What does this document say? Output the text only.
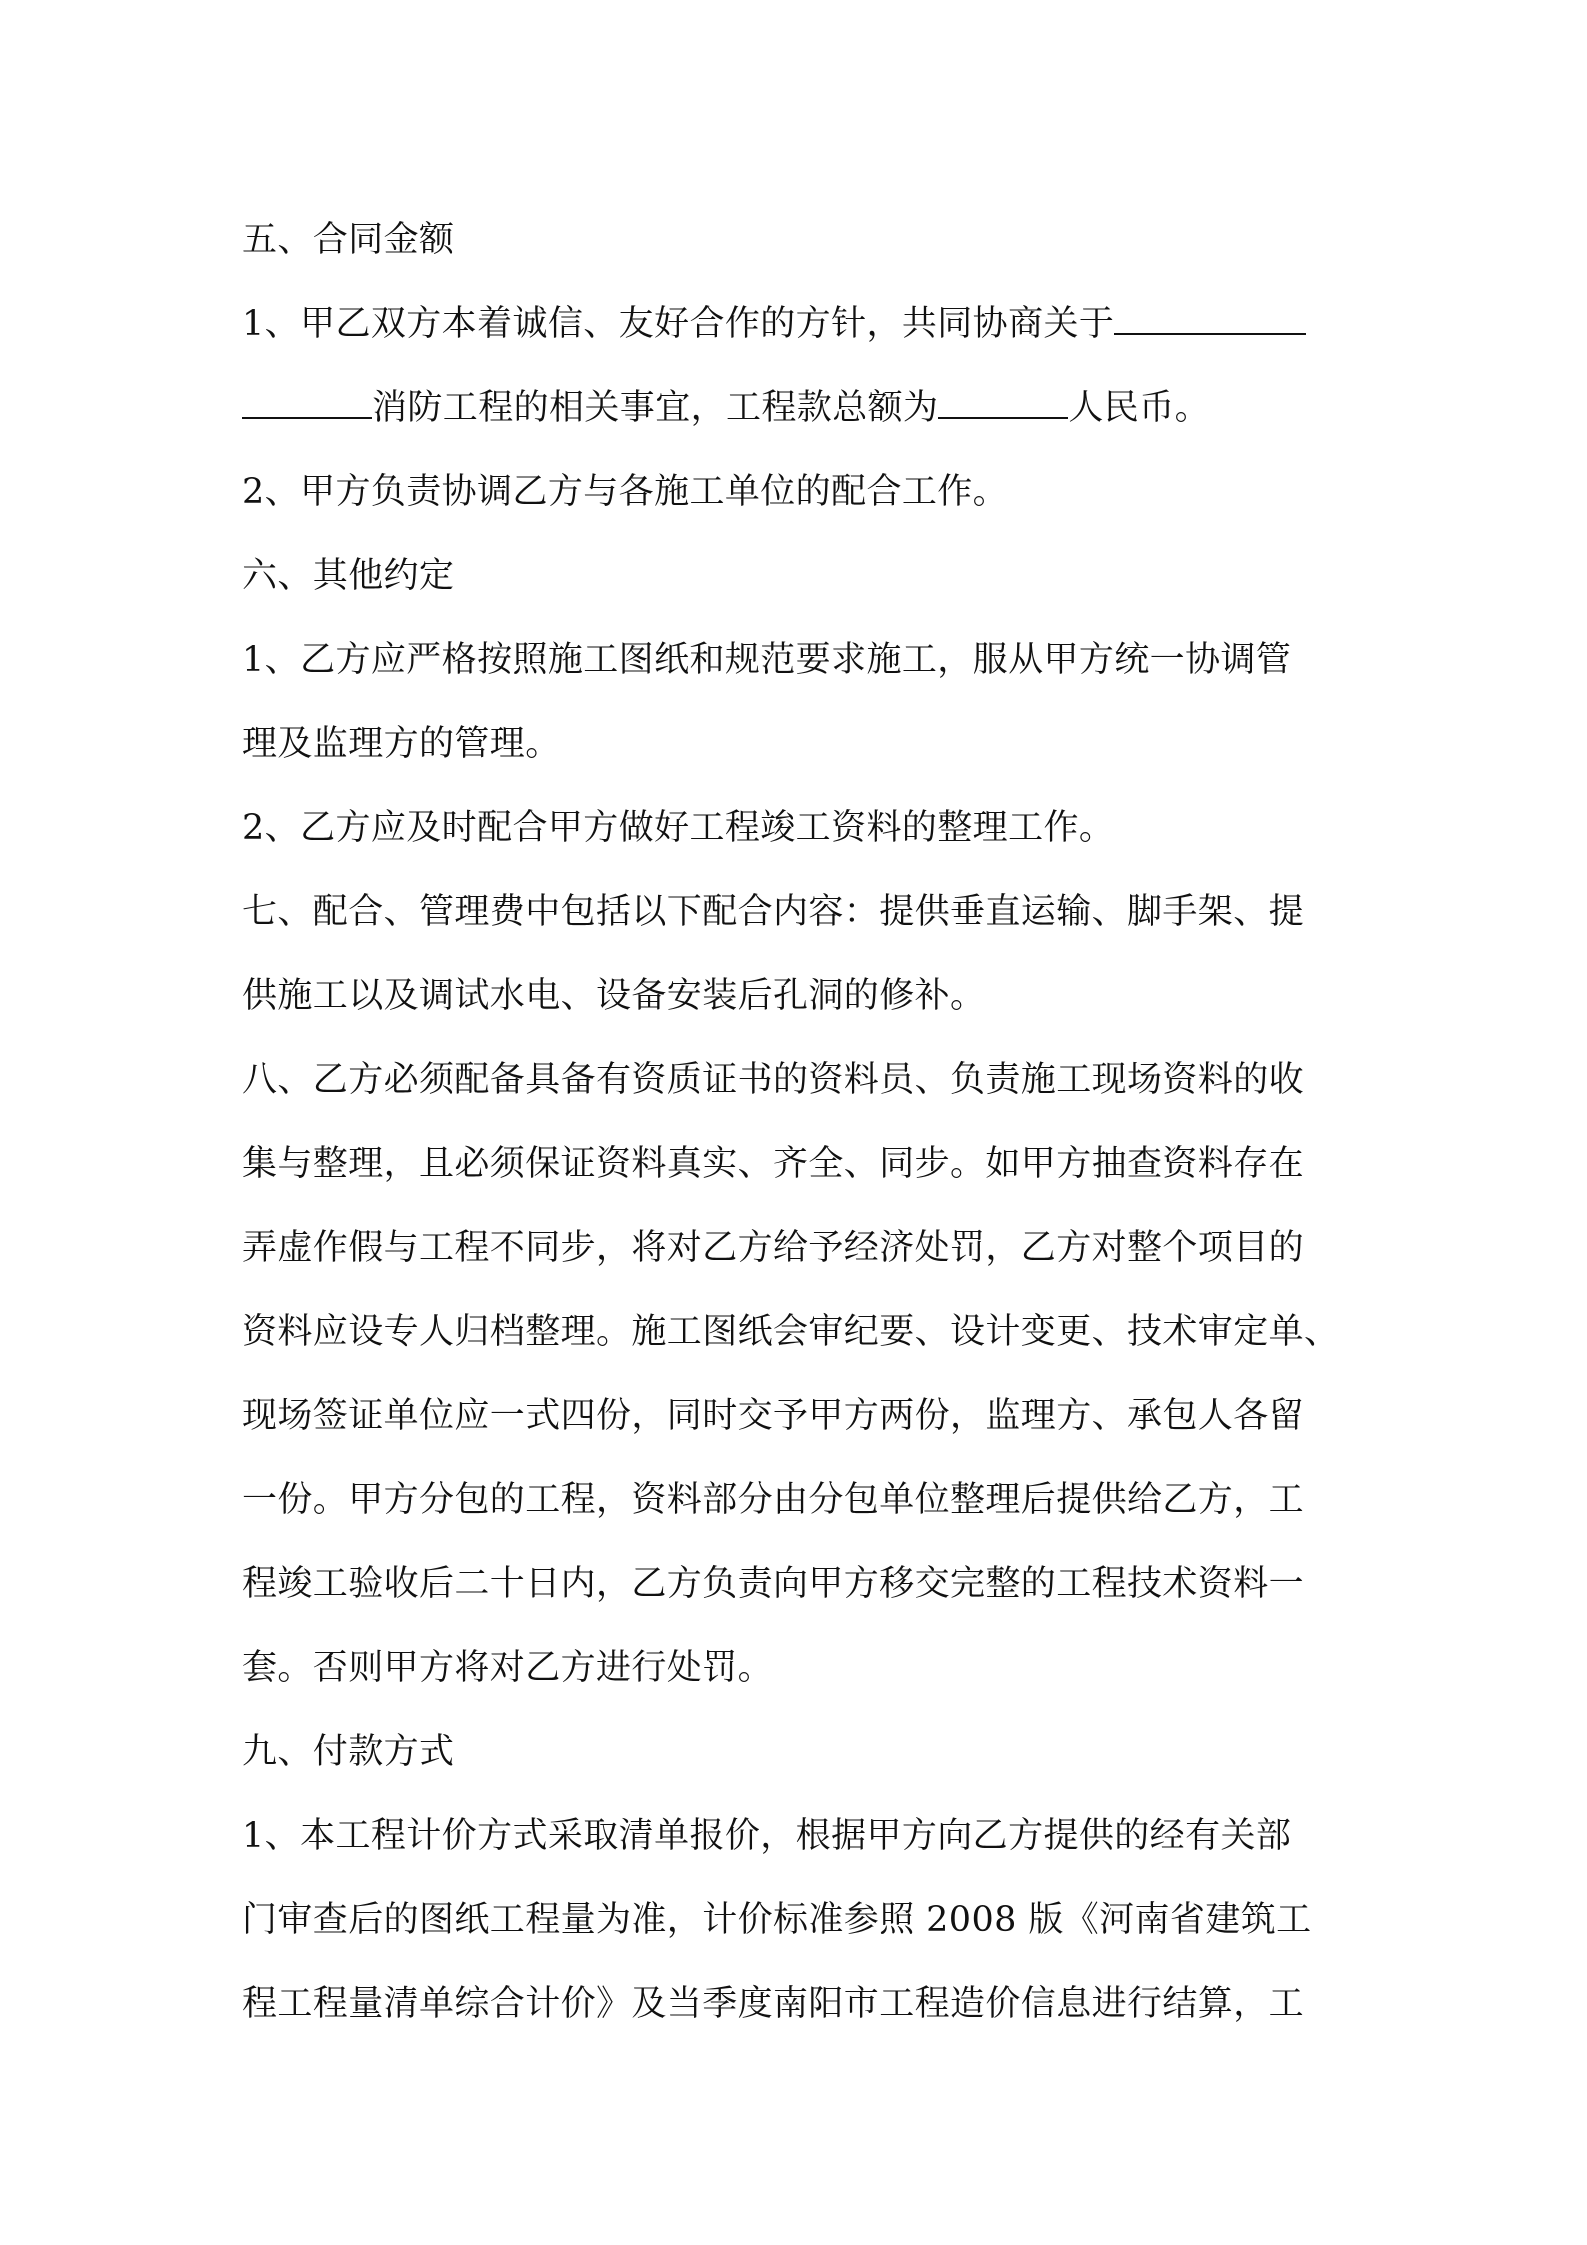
五、合同金额
1、甲乙双方本着诚信、友好合作的方针，共同协商关于
消防工程的相关事宜，工程款总额为	人民币。
2、甲方负责协调乙方与各施工单位的配合工作。
六、其他约定
1、乙方应严格按照施工图纸和规范要求施工，服从甲方统一协调管
理及监理方的管理。
2、乙方应及时配合甲方做好工程竣工资料的整理工作。
七、配合、管理费中包括以下配合内容：提供垂直运输、脚手架、提
供施工以及调试水电、设备安装后孔洞的修补。
八、乙方必须配备具备有资质证书的资料员、负责施工现场资料的收
集与整理，且必须保证资料真实、齐全、同步。如甲方抽查资料存在
弄虚作假与工程不同步，将对乙方给予经济处罚，乙方对整个项目的
资料应设专人归档整理。施工图纸会审纪要、设计变更、技术审定单、
现场签证单位应一式四份，同时交予甲方两份，监理方、承包人各留
一份。甲方分包的工程，资料部分由分包单位整理后提供给乙方，工
程竣工验收后二十日内，乙方负责向甲方移交完整的工程技术资料一
套。否则甲方将对乙方进行处罚。
九、付款方式
1、本工程计价方式采取清单报价，根据甲方向乙方提供的经有关部
门审查后的图纸工程量为准，计价标准参照 2008 版《河南省建筑工
程工程量清单综合计价》及当季度南阳市工程造价信息进行结算，工
